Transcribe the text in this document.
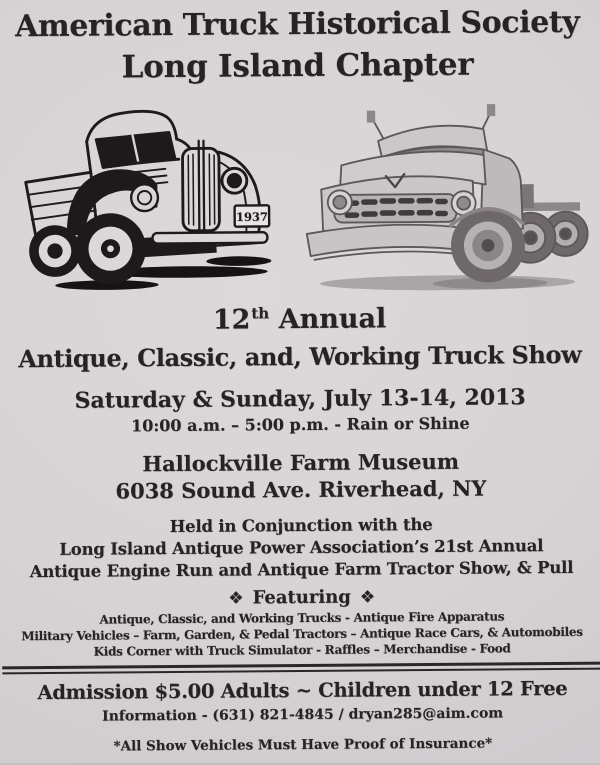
American Truck Historical Society
Long Island Chapter
1937
12th Annual
Antique, Classic, and, Working Truck Show
Saturday & Sunday, July 13-14, 2013
10:00 a.m. – 5:00 p.m. - Rain or Shine
Hallockville Farm Museum
6038 Sound Ave. Riverhead, NY
Held in Conjunction with the
Long Island Antique Power Association’s 21st Annual
Antique Engine Run and Antique Farm Tractor Show, & Pull
❖ Featuring ❖
Antique, Classic, and Working Trucks - Antique Fire Apparatus
Military Vehicles – Farm, Garden, & Pedal Tractors – Antique Race Cars, & Automobiles
Kids Corner with Truck Simulator - Raffles – Merchandise - Food
Admission $5.00 Adults ~ Children under 12 Free
Information - (631) 821-4845 / dryan285@aim.com
*All Show Vehicles Must Have Proof of Insurance*
